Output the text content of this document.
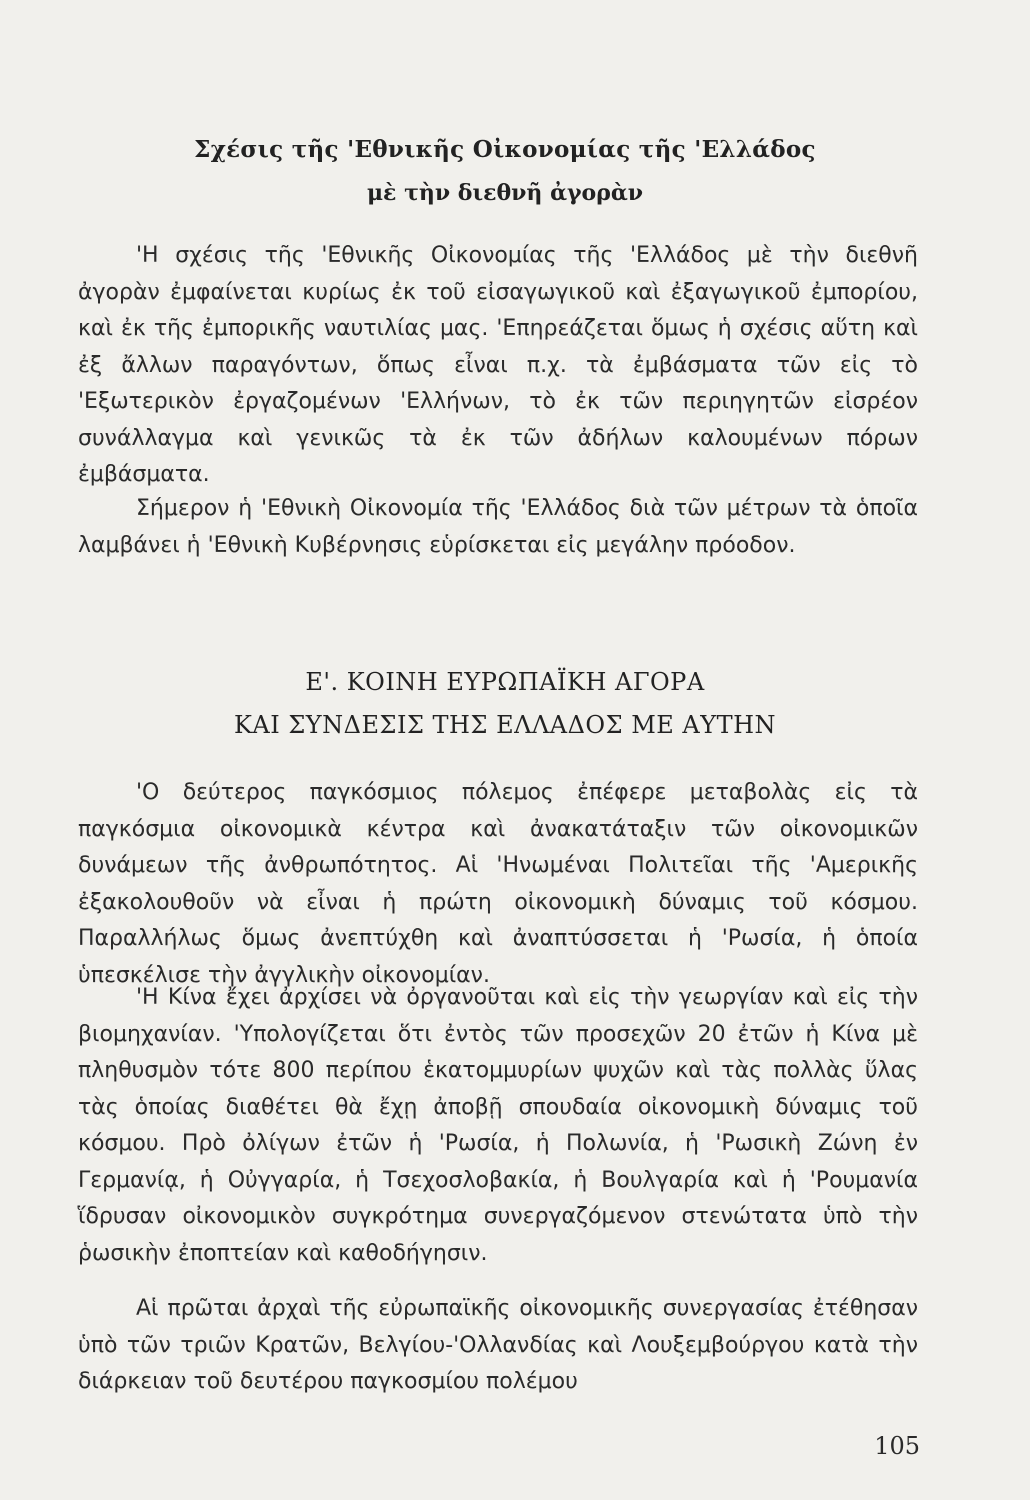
Σχέσις τῆς 'Εθνικῆς Οἰκονομίας τῆς 'Ελλάδος
μὲ τὴν διεθνῆ ἀγορὰν

'Η σχέσις τῆς 'Εθνικῆς Οἰκονομίας τῆς 'Ελλάδος μὲ τὴν διεθνῆ ἀγορὰν ἐμφαίνεται κυρίως ἐκ τοῦ εἰσαγωγικοῦ καὶ ἐξαγωγικοῦ ἐμπορίου, καὶ ἐκ τῆς ἐμπορικῆς ναυτιλίας μας. 'Επηρεάζεται ὅμως ἡ σχέσις αὕτη καὶ ἐξ ἄλλων παραγόντων, ὅπως εἶναι π.χ. τὰ ἐμβάσματα τῶν εἰς τὸ 'Εξωτερικὸν ἐργαζομένων 'Ελλήνων, τὸ ἐκ τῶν περιηγητῶν εἰσρέον συνάλλαγμα καὶ γενικῶς τὰ ἐκ τῶν ἀδήλων καλουμένων πόρων ἐμβάσματα.

Σήμερον ἡ 'Εθνικὴ Οἰκονομία τῆς 'Ελλάδος διὰ τῶν μέτρων τὰ ὁποῖα λαμβάνει ἡ 'Εθνικὴ Κυβέρνησις εὑρίσκεται εἰς μεγάλην πρόοδον.

Ε'. ΚΟΙΝΗ ΕΥΡΩΠΑΪΚΗ ΑΓΟΡΑ
ΚΑΙ ΣΥΝΔΕΣΙΣ ΤΗΣ ΕΛΛΑΔΟΣ ΜΕ ΑΥΤΗΝ

'Ο δεύτερος παγκόσμιος πόλεμος ἐπέφερε μεταβολὰς εἰς τὰ παγκόσμια οἰκονομικὰ κέντρα καὶ ἀνακατάταξιν τῶν οἰκονομικῶν δυνάμεων τῆς ἀνθρωπότητος. Αἱ 'Ηνωμέναι Πολιτεῖαι τῆς 'Αμερικῆς ἐξακολουθοῦν νὰ εἶναι ἡ πρώτη οἰκονομικὴ δύναμις τοῦ κόσμου. Παραλλήλως ὅμως ἀνεπτύχθη καὶ ἀναπτύσσεται ἡ 'Ρωσία, ἡ ὁποία ὑπεσκέλισε τὴν ἀγγλικὴν οἰκονομίαν.

'Η Κίνα ἔχει ἀρχίσει νὰ ὀργανοῦται καὶ εἰς τὴν γεωργίαν καὶ εἰς τὴν βιομηχανίαν. 'Υπολογίζεται ὅτι ἐντὸς τῶν προσεχῶν 20 ἐτῶν ἡ Κίνα μὲ πληθυσμὸν τότε 800 περίπου ἑκατομμυρίων ψυχῶν καὶ τὰς πολλὰς ὕλας τὰς ὁποίας διαθέτει θὰ ἔχῃ ἀποβῇ σπουδαία οἰκονομικὴ δύναμις τοῦ κόσμου. Πρὸ ὀλίγων ἐτῶν ἡ 'Ρωσία, ἡ Πολωνία, ἡ 'Ρωσικὴ Ζώνη ἐν Γερμανίᾳ, ἡ Οὐγγαρία, ἡ Τσεχοσλοβακία, ἡ Βουλγαρία καὶ ἡ 'Ρουμανία ἵδρυσαν οἰκονομικὸν συγκρότημα συνεργαζόμενον στενώτατα ὑπὸ τὴν ῥωσικὴν ἐποπτείαν καὶ καθοδήγησιν.

Αἱ πρῶται ἀρχαὶ τῆς εὐρωπαϊκῆς οἰκονομικῆς συνεργασίας ἐτέθησαν ὑπὸ τῶν τριῶν Κρατῶν, Βελγίου-'Ολλανδίας καὶ Λουξεμβούργου κατὰ τὴν διάρκειαν τοῦ δευτέρου παγκοσμίου πολέμου

105
